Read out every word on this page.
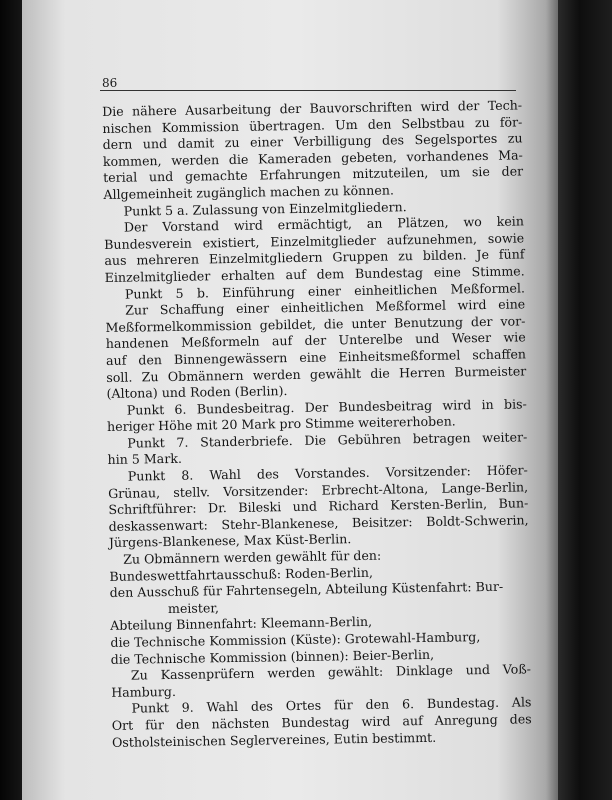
86
Die nähere Ausarbeitung der Bauvorschriften wird der Tech-
nischen Kommission übertragen. Um den Selbstbau zu för-
dern und damit zu einer Verbilligung des Segelsportes zu
kommen, werden die Kameraden gebeten, vorhandenes Ma-
terial und gemachte Erfahrungen mitzuteilen, um sie der
Allgemeinheit zugänglich machen zu können.
Punkt 5 a. Zulassung von Einzelmitgliedern.
Der Vorstand wird ermächtigt, an Plätzen, wo kein
Bundesverein existiert, Einzelmitglieder aufzunehmen, sowie
aus mehreren Einzelmitgliedern Gruppen zu bilden. Je fünf
Einzelmitglieder erhalten auf dem Bundestag eine Stimme.
Punkt 5 b. Einführung einer einheitlichen Meßformel.
Zur Schaffung einer einheitlichen Meßformel wird eine
Meßformelkommission gebildet, die unter Benutzung der vor-
handenen Meßformeln auf der Unterelbe und Weser wie
auf den Binnengewässern eine Einheitsmeßformel schaffen
soll. Zu Obmännern werden gewählt die Herren Burmeister
(Altona) und Roden (Berlin).
Punkt 6. Bundesbeitrag. Der Bundesbeitrag wird in bis-
heriger Höhe mit 20 Mark pro Stimme weitererhoben.
Punkt 7. Standerbriefe. Die Gebühren betragen weiter-
hin 5 Mark.
Punkt 8. Wahl des Vorstandes. Vorsitzender: Höfer-
Grünau, stellv. Vorsitzender: Erbrecht-Altona, Lange-Berlin,
Schriftführer: Dr. Bileski und Richard Kersten-Berlin, Bun-
deskassenwart: Stehr-Blankenese, Beisitzer: Boldt-Schwerin,
Jürgens-Blankenese, Max Küst-Berlin.
Zu Obmännern werden gewählt für den:
Bundeswettfahrtausschuß: Roden-Berlin,
den Ausschuß für Fahrtensegeln, Abteilung Küstenfahrt: Bur-
meister,
Abteilung Binnenfahrt: Kleemann-Berlin,
die Technische Kommission (Küste): Grotewahl-Hamburg,
die Technische Kommission (binnen): Beier-Berlin,
Zu Kassenprüfern werden gewählt: Dinklage und Voß-
Hamburg.
Punkt 9. Wahl des Ortes für den 6. Bundestag. Als
Ort für den nächsten Bundestag wird auf Anregung des
Ostholsteinischen Seglervereines, Eutin bestimmt.
